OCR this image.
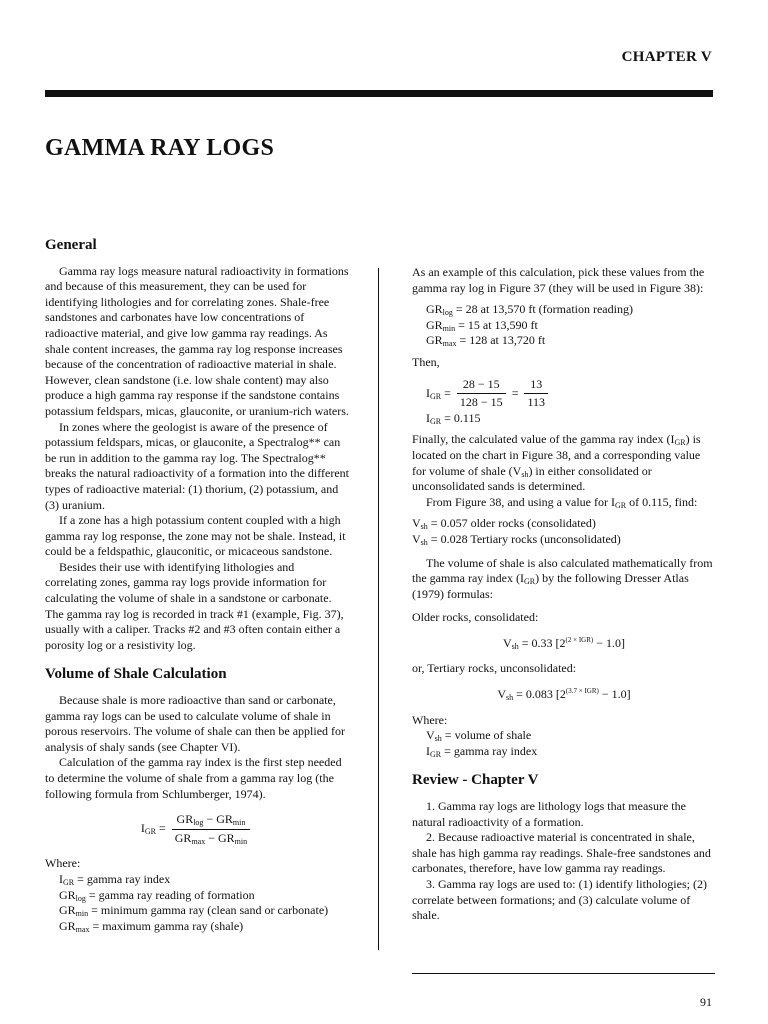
CHAPTER V
GAMMA RAY LOGS
General

Gamma ray logs measure natural radioactivity in formations and because of this measurement, they can be used for identifying lithologies and for correlating zones. Shale-free sandstones and carbonates have low concentrations of radioactive material, and give low gamma ray readings. As shale content increases, the gamma ray log response increases because of the concentration of radioactive material in shale. However, clean sandstone (i.e. low shale content) may also produce a high gamma ray response if the sandstone contains potassium feldspars, micas, glauconite, or uranium-rich waters.

In zones where the geologist is aware of the presence of potassium feldspars, micas, or glauconite, a Spectralog** can be run in addition to the gamma ray log. The Spectralog** breaks the natural radioactivity of a formation into the different types of radioactive material: (1) thorium, (2) potassium, and (3) uranium.

If a zone has a high potassium content coupled with a high gamma ray log response, the zone may not be shale. Instead, it could be a feldspathic, glauconitic, or micaceous sandstone.

Besides their use with identifying lithologies and correlating zones, gamma ray logs provide information for calculating the volume of shale in a sandstone or carbonate. The gamma ray log is recorded in track #1 (example, Fig. 37), usually with a caliper. Tracks #2 and #3 often contain either a porosity log or a resistivity log.

Volume of Shale Calculation

Because shale is more radioactive than sand or carbonate, gamma ray logs can be used to calculate volume of shale in porous reservoirs. The volume of shale can then be applied for analysis of shaly sands (see Chapter VI).

Calculation of the gamma ray index is the first step needed to determine the volume of shale from a gamma ray log (the following formula from Schlumberger, 1974).

$I_{GR} = \frac{GR_{log} - GR_{min}}{GR_{max} - GR_{min}}$

Where:

$I_{GR}$ = gamma ray index
$GR_{log}$ = gamma ray reading of formation
$GR_{min}$ = minimum gamma ray (clean sand or carbonate)
$GR_{max}$ = maximum gamma ray (shale)

As an example of this calculation, pick these values from the gamma ray log in Figure 37 (they will be used in Figure 38):

$GR_{log} = 28$ at 13,570 ft (formation reading)
$GR_{min} = 15$ at 13,590 ft
$GR_{max} = 128$ at 13,720 ft

Then,

$I_{GR} = \frac{28 - 15}{128 - 15} = \frac{13}{113}$
$I_{GR} = 0.115$

Finally, the calculated value of the gamma ray index $(I_{GR})$ is located on the chart in Figure 38, and a corresponding value for volume of shale $(V_{sh})$ in either consolidated or unconsolidated sands is determined.

From Figure 38, and using a value for $I_{GR}$ of 0.115, find:

$V_{sh} = 0.057$ older rocks (consolidated)
$V_{sh} = 0.028$ Tertiary rocks (unconsolidated)

The volume of shale is also calculated mathematically from the gamma ray index $(I_{GR})$ by the following Dresser Atlas (1979) formulas:

Older rocks, consolidated:

$V_{sh} = 0.33$ $[2^{(2 \times IGR)} - 1.0]$

or, Tertiary rocks, unconsolidated:

$V_{sh} = 0.083$ $[2^{(3.7 \times IGR)} - 1.0]$

Where:

$V_{sh}$ = volume of shale
$I_{GR}$ = gamma ray index
Review - Chapter V

1. Gamma ray logs are lithology logs that measure the natural radioactivity of a formation.

2. Because radioactive material is concentrated in shale, shale has high gamma ray readings. Shale-free sandstones and carbonates, therefore, have low gamma ray readings.

3. Gamma ray logs are used to: (1) identify lithologies; (2) correlate between formations; and (3) calculate volume of shale.

91
